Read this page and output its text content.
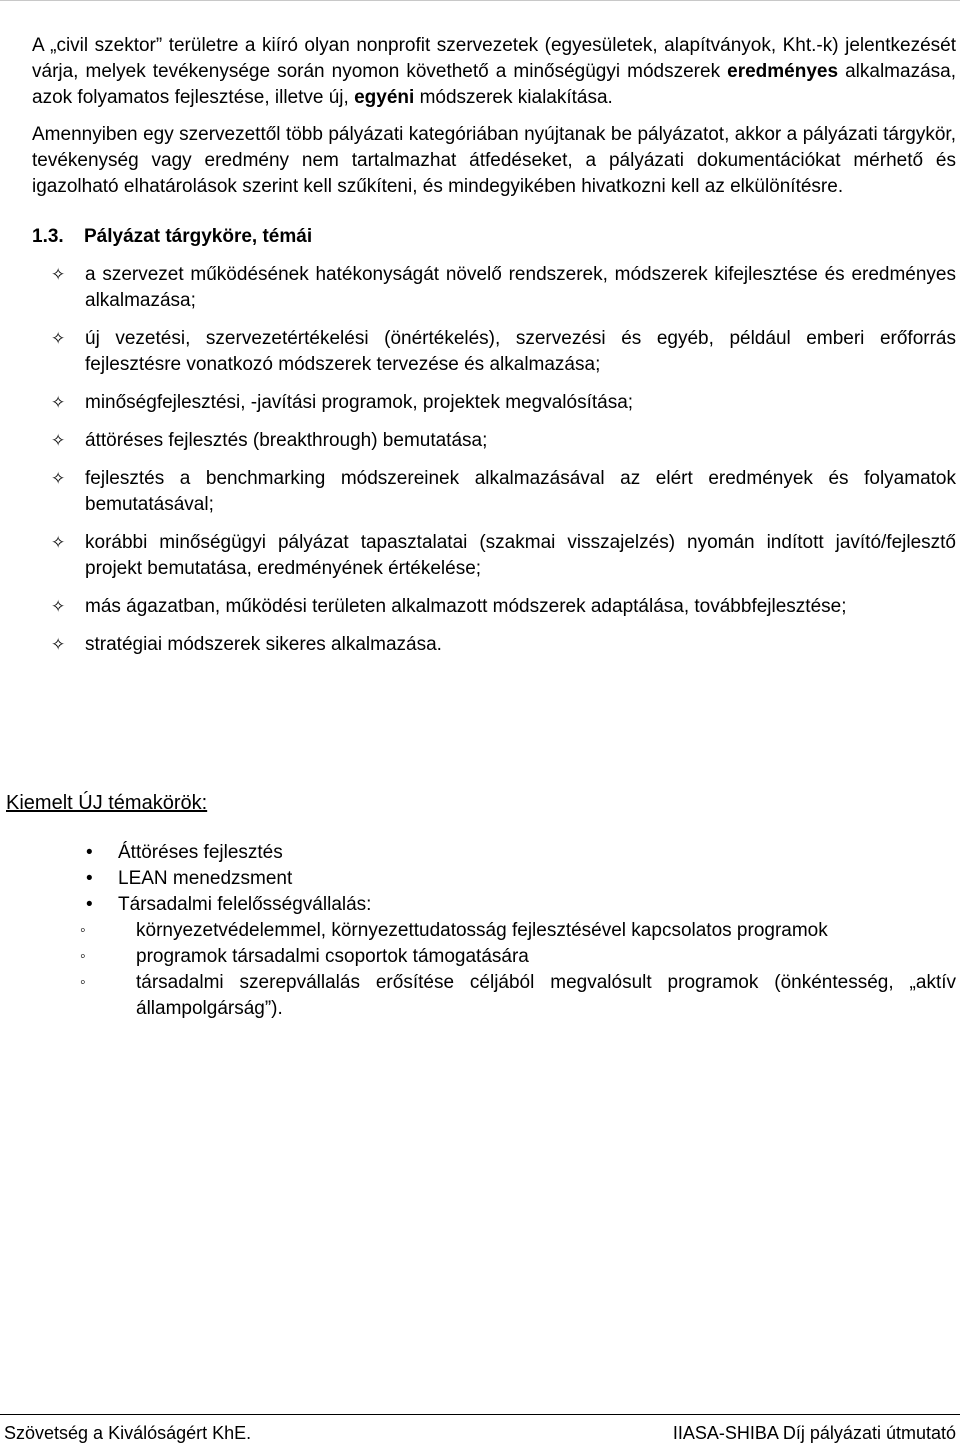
A „civil szektor” területre a kiíró olyan nonprofit szervezetek (egyesületek, alapítványok, Kht.-k) jelentkezését várja, melyek tevékenysége során nyomon követhető a minőségügyi módszerek eredményes alkalmazása, azok folyamatos fejlesztése, illetve új, egyéni módszerek kialakítása.

Amennyiben egy szervezettől több pályázati kategóriában nyújtanak be pályázatot, akkor a pályázati tárgykör, tevékenység vagy eredmény nem tartalmazhat átfedéseket, a pályázati dokumentációkat mérhető és igazolható elhatárolások szerint kell szűkíteni, és mindegyikében hivatkozni kell az elkülönítésre.

1.3. Pályázat tárgyköre, témái
✧ a szervezet működésének hatékonyságát növelő rendszerek, módszerek kifejlesztése és eredményes alkalmazása;
✧ új vezetési, szervezetértékelési (önértékelés), szervezési és egyéb, például emberi erőforrás fejlesztésre vonatkozó módszerek tervezése és alkalmazása;
✧ minőségfejlesztési, -javítási programok, projektek megvalósítása;
✧ áttöréses fejlesztés (breakthrough) bemutatása;
✧ fejlesztés a benchmarking módszereinek alkalmazásával az elért eredmények és folyamatok bemutatásával;
✧ korábbi minőségügyi pályázat tapasztalatai (szakmai visszajelzés) nyomán indított javító/fejlesztő projekt bemutatása, eredményének értékelése;
✧ más ágazatban, működési területen alkalmazott módszerek adaptálása, továbbfejlesztése;
✧ stratégiai módszerek sikeres alkalmazása.
Kiemelt ÚJ témakörök:
•	Áttöréses fejlesztés
•	LEAN menedzsment
•	Társadalmi felelősségvállalás:
◦	környezetvédelemmel, környezettudatosság fejlesztésével kapcsolatos programok
◦	programok társadalmi csoportok támogatására
◦	társadalmi szerepvállalás erősítése céljából megvalósult programok (önkéntesség, „aktív állampolgárság”).
Szövetség a Kiválóságért KhE.	IIASA-SHIBA Díj pályázati útmutató
